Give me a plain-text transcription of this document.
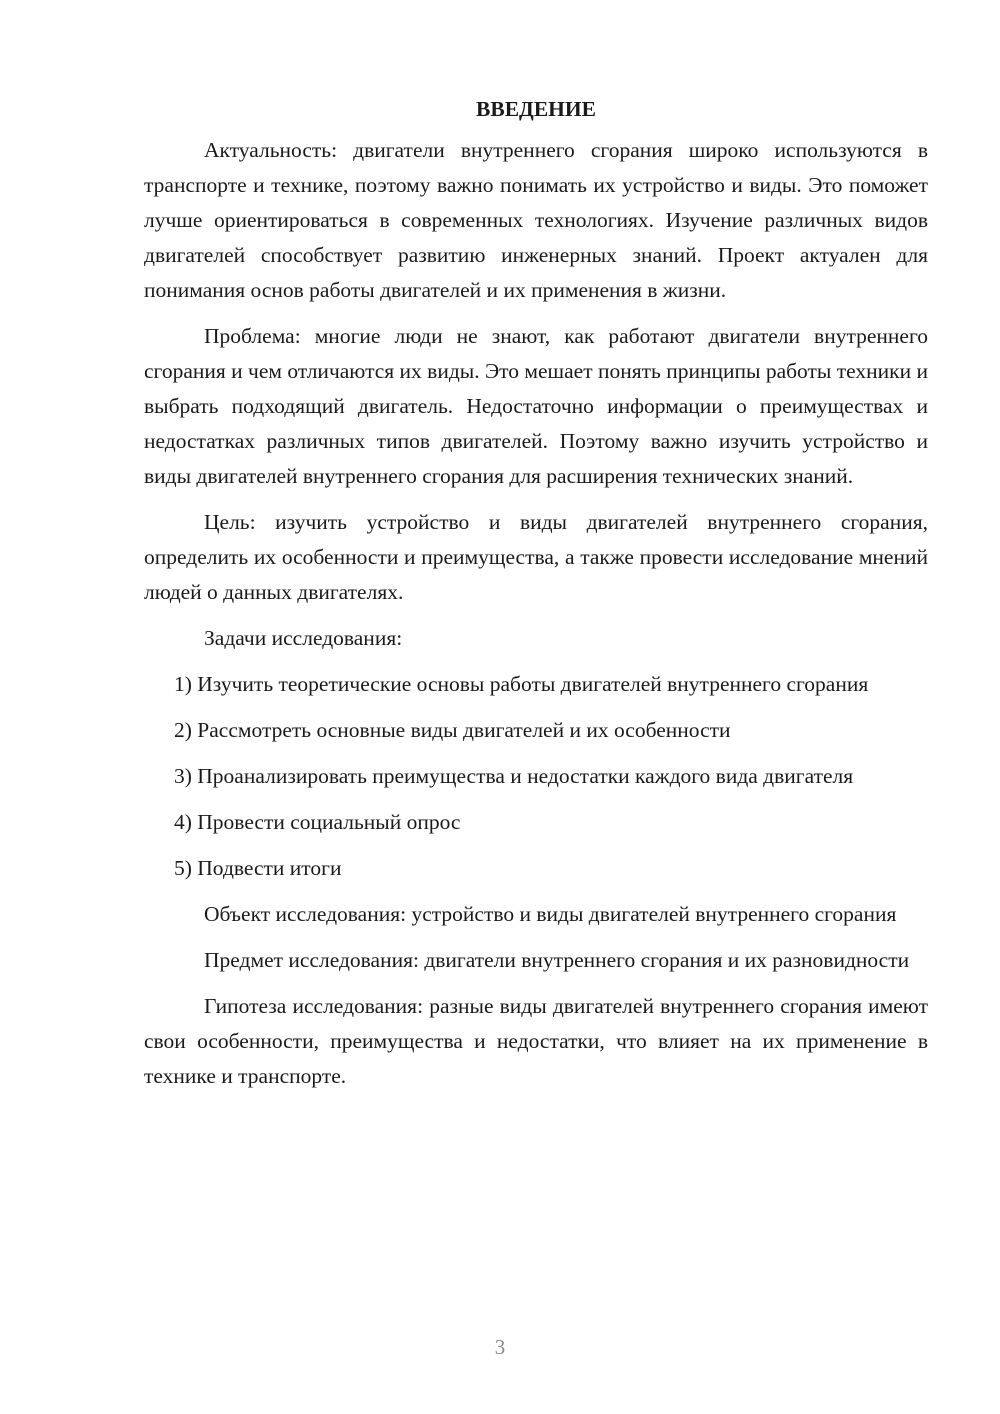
ВВЕДЕНИЕ

Актуальность: двигатели внутреннего сгорания широко используются в транспорте и технике, поэтому важно понимать их устройство и виды. Это поможет лучше ориентироваться в современных технологиях. Изучение различных видов двигателей способствует развитию инженерных знаний. Проект актуален для понимания основ работы двигателей и их применения в жизни.

Проблема: многие люди не знают, как работают двигатели внутреннего сгорания и чем отличаются их виды. Это мешает понять принципы работы техники и выбрать подходящий двигатель. Недостаточно информации о преимуществах и недостатках различных типов двигателей. Поэтому важно изучить устройство и виды двигателей внутреннего сгорания для расширения технических знаний.

Цель: изучить устройство и виды двигателей внутреннего сгорания, определить их особенности и преимущества, а также провести исследование мнений людей о данных двигателях.

Задачи исследования:

1) Изучить теоретические основы работы двигателей внутреннего сгорания

2) Рассмотреть основные виды двигателей и их особенности

3) Проанализировать преимущества и недостатки каждого вида двигателя

4) Провести социальный опрос

5) Подвести итоги

Объект исследования: устройство и виды двигателей внутреннего сгорания

Предмет исследования: двигатели внутреннего сгорания и их разновидности

Гипотеза исследования: разные виды двигателей внутреннего сгорания имеют свои особенности, преимущества и недостатки, что влияет на их применение в технике и транспорте.

3
